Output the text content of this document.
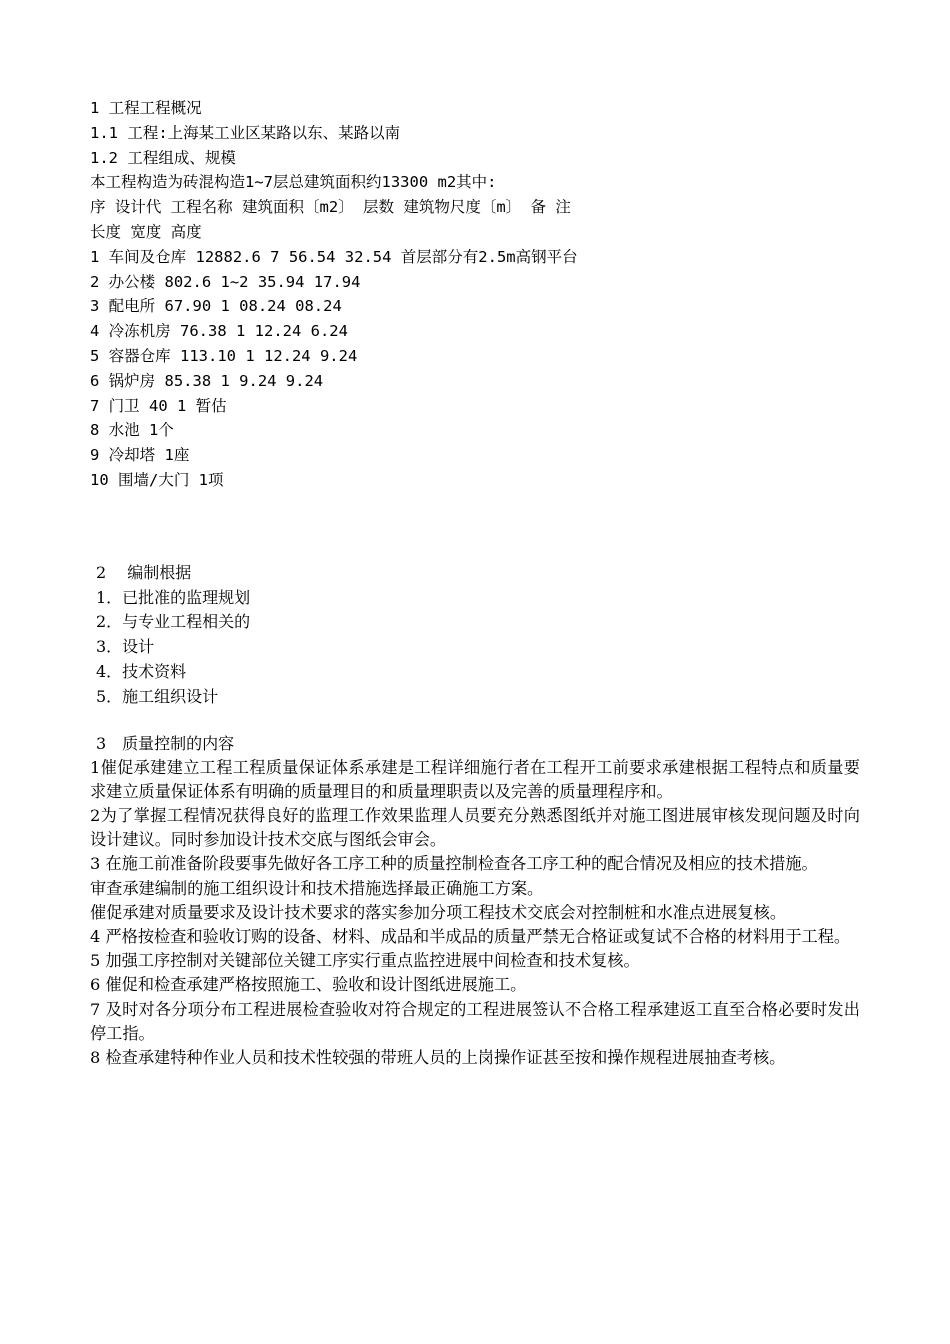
1 工程工程概况
1.1 工程:上海某工业区某路以东、某路以南
1.2 工程组成、规模
本工程构造为砖混构造1~7层总建筑面积约13300 m2其中:
序 设计代 工程名称 建筑面积〔m2〕 层数 建筑物尺度〔m〕 备 注
长度 宽度 高度
1 车间及仓库 12882.6 7 56.54 32.54 首层部分有2.5m高钢平台
2 办公楼 802.6 1~2 35.94 17.94
3 配电所 67.90 1 08.24 08.24
4 冷冻机房 76.38 1 12.24 6.24
5 容器仓库 113.10 1 12.24 9.24
6 锅炉房 85.38 1 9.24 9.24
7 门卫 40 1 暂估
8 水池 1个
9 冷却塔 1座
10 围墙/大门 1项
2　 编制根据
1．已批准的监理规划
2．与专业工程相关的
3．设计
4．技术资料
5．施工组织设计
3　质量控制的内容
1催促承建建立工程工程质量保证体系承建是工程详细施行者在工程开工前要求承建根据工程特点和质量要求建立质量保证体系有明确的质量理目的和质量理职责以及完善的质量理程序和。
2为了掌握工程情况获得良好的监理工作效果监理人员要充分熟悉图纸并对施工图进展审核发现问题及时向设计建议。同时参加设计技术交底与图纸会审会。
3 在施工前准备阶段要事先做好各工序工种的质量控制检查各工序工种的配合情况及相应的技术措施。
审查承建编制的施工组织设计和技术措施选择最正确施工方案。
催促承建对质量要求及设计技术要求的落实参加分项工程技术交底会对控制桩和水准点进展复核。
4 严格按检查和验收订购的设备、材料、成品和半成品的质量严禁无合格证或复试不合格的材料用于工程。
5 加强工序控制对关键部位关键工序实行重点监控进展中间检查和技术复核。
6 催促和检查承建严格按照施工、验收和设计图纸进展施工。
7 及时对各分项分布工程进展检查验收对符合规定的工程进展签认不合格工程承建返工直至合格必要时发出停工指。
8 检查承建特种作业人员和技术性较强的带班人员的上岗操作证甚至按和操作规程进展抽查考核。
